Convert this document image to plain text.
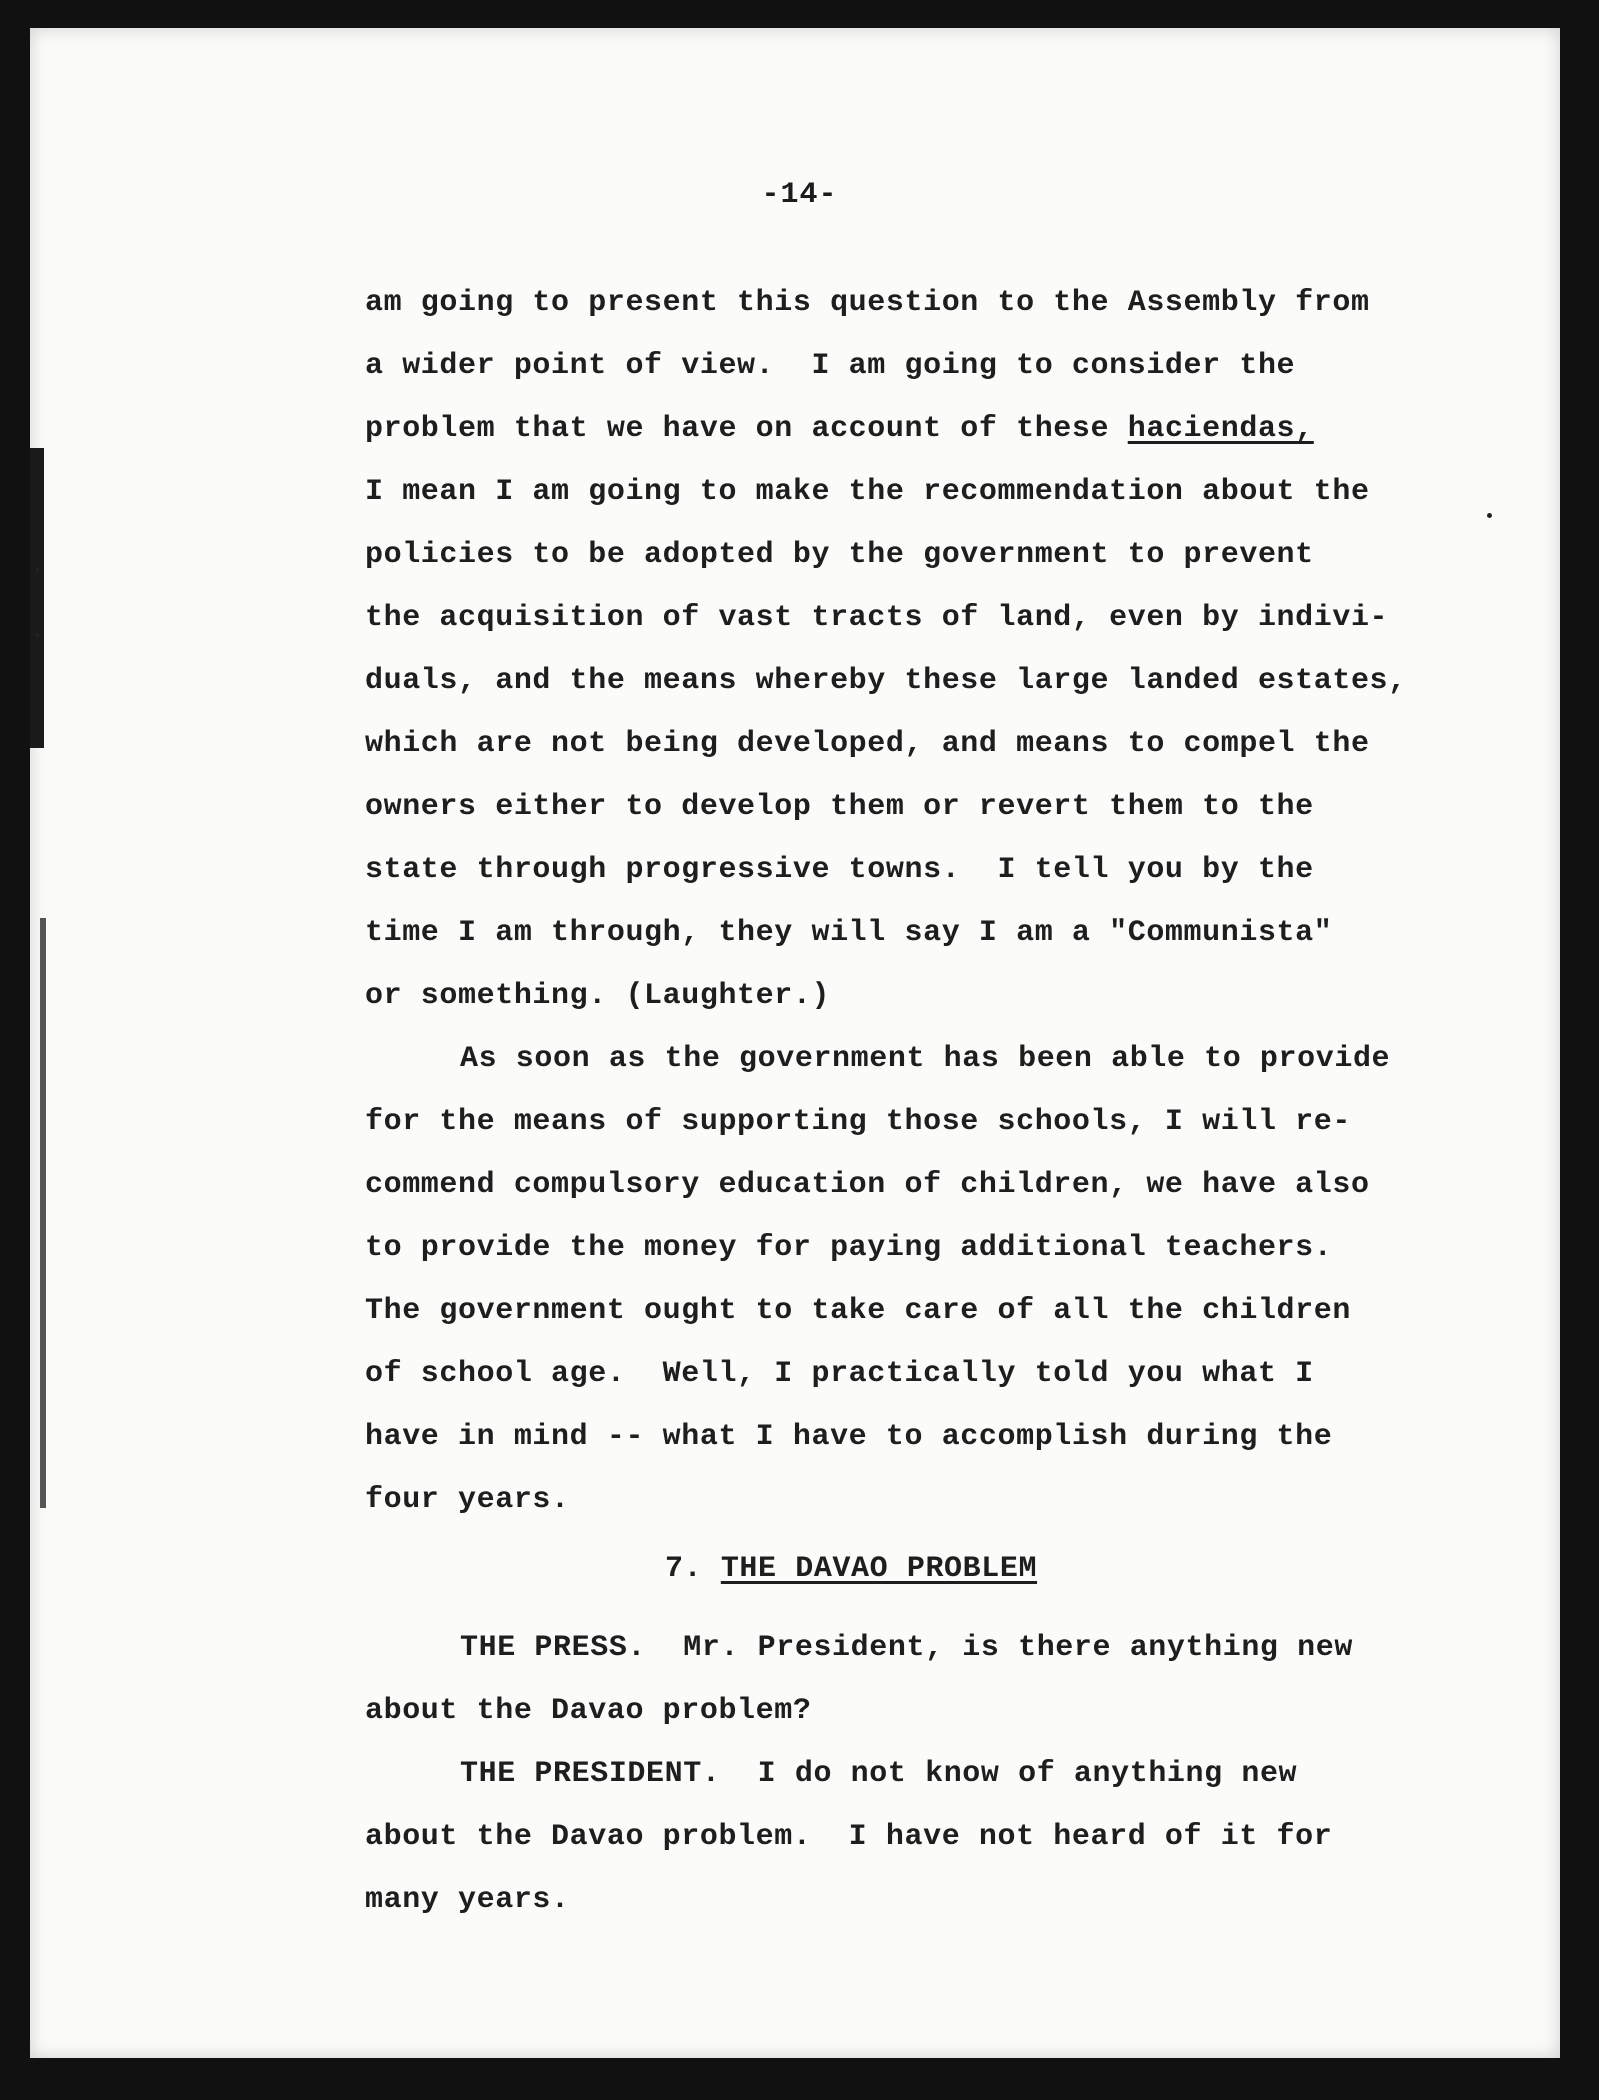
-14-
am going to present this question to the Assembly from
a wider point of view.  I am going to consider the
problem that we have on account of these haciendas,
I mean I am going to make the recommendation about the
policies to be adopted by the government to prevent
the acquisition of vast tracts of land, even by indivi-
duals, and the means whereby these large landed estates,
which are not being developed, and means to compel the
owners either to develop them or revert them to the
state through progressive towns.  I tell you by the
time I am through, they will say I am a "Communista"
or something. (Laughter.)
As soon as the government has been able to provide
for the means of supporting those schools, I will re-
commend compulsory education of children, we have also
to provide the money for paying additional teachers.
The government ought to take care of all the children
of school age.  Well, I practically told you what I
have in mind -- what I have to accomplish during the
four years.
7. THE DAVAO PROBLEM
THE PRESS.  Mr. President, is there anything new
about the Davao problem?
THE PRESIDENT.  I do not know of anything new
about the Davao problem.  I have not heard of it for
many years.
